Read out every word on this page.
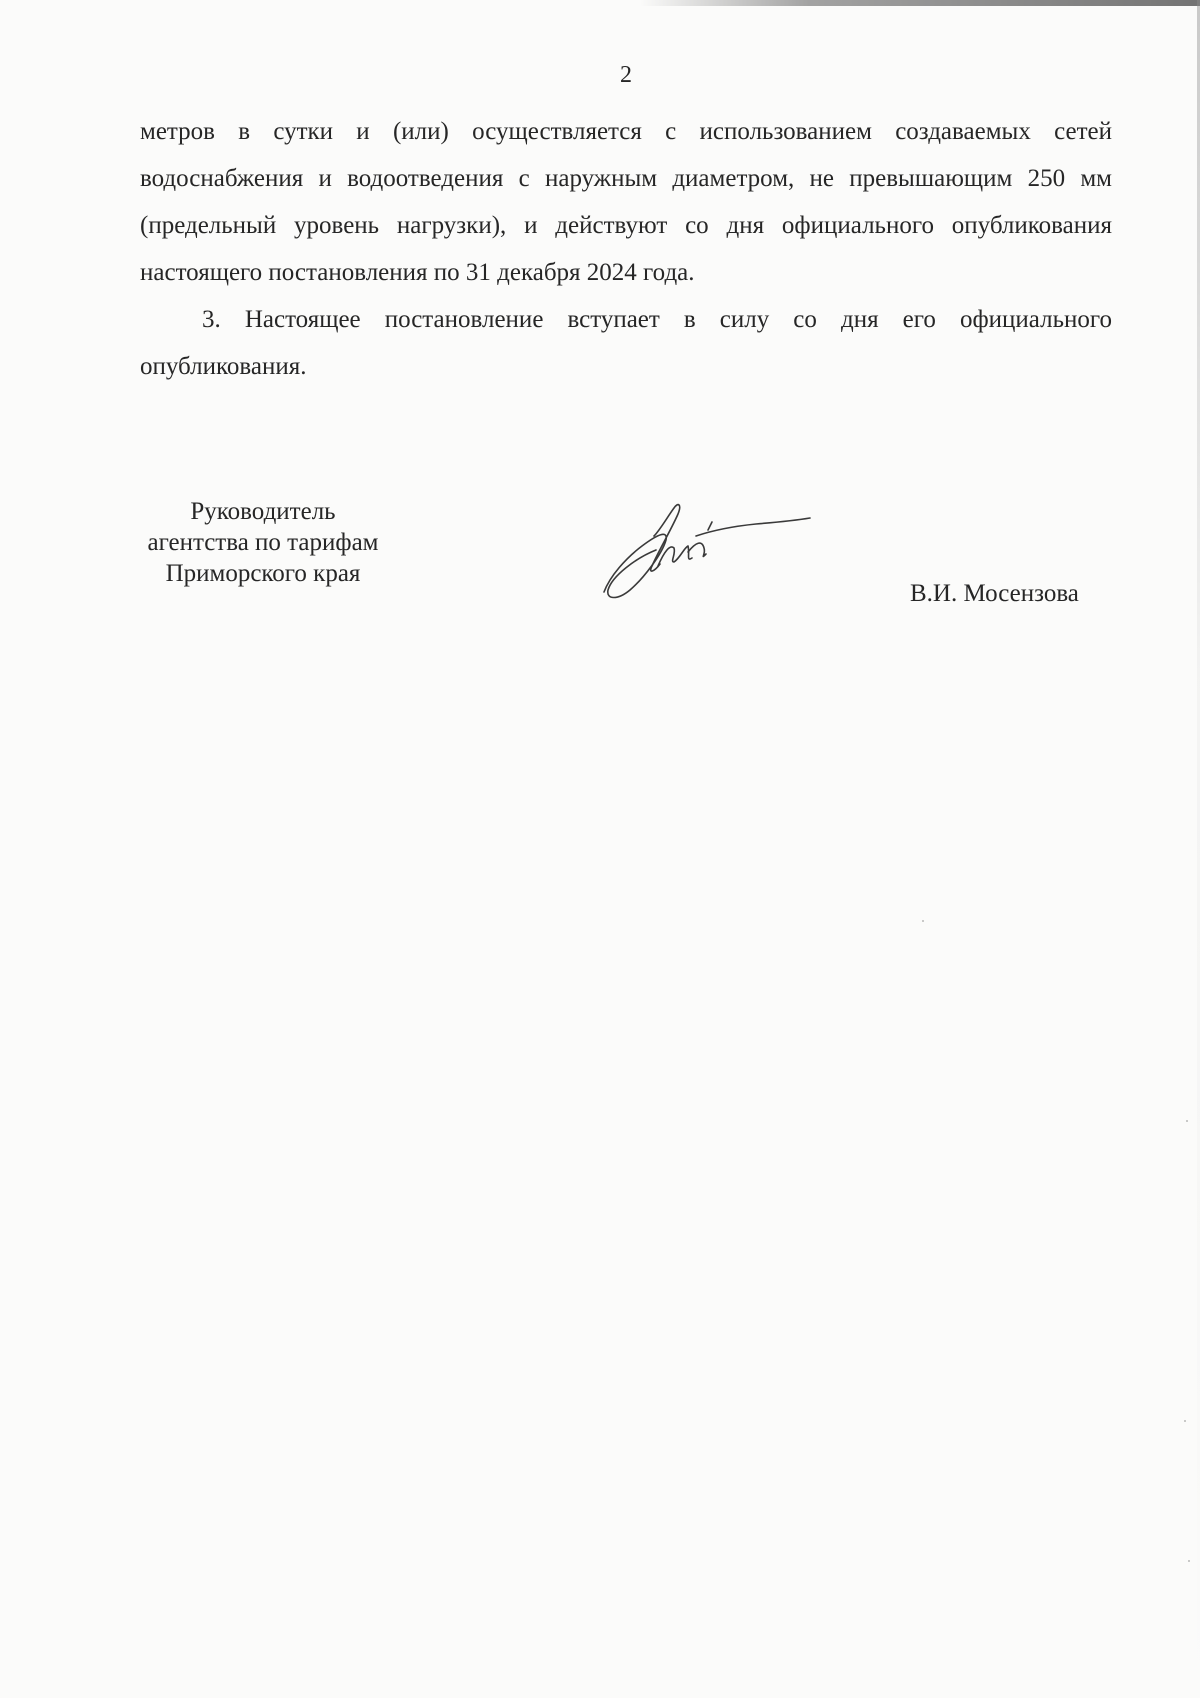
2

метров в сутки и (или) осуществляется с использованием создаваемых сетей водоснабжения и водоотведения с наружным диаметром, не превышающим 250 мм (предельный уровень нагрузки), и действуют со дня официального опубликования настоящего постановления по 31 декабря 2024 года.

3. Настоящее постановление вступает в силу со дня его официального опубликования.

Руководитель
агентства по тарифам
Приморского края
В.И. Мосензова
